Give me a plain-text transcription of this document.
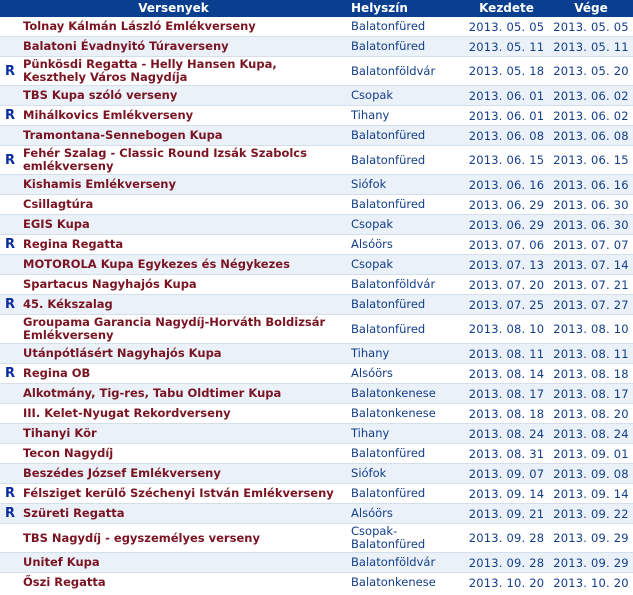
Versenyek		Helyszín	Kezdete	Vége
	Tolnay Kálmán László Emlékverseny	Balatonfüred	2013. 05. 05	2013. 05. 05

	Balatoni Évadnyitó Túraverseny	Balatonfüred	2013. 05. 11	2013. 05. 11

R	Pünkösdi Regatta - Helly Hansen Kupa, Keszthely Város Nagydíja	Balatonföldvár	2013. 05. 18	2013. 05. 20

	TBS Kupa szóló verseny	Csopak	2013. 06. 01	2013. 06. 02

R	Mihálkovics Emlékverseny	Tihany	2013. 06. 01	2013. 06. 02

	Tramontana-Sennebogen Kupa	Balatonfüred	2013. 06. 08	2013. 06. 08

R	Fehér Szalag - Classic Round Izsák Szabolcs emlékverseny	Balatonfüred	2013. 06. 15	2013. 06. 15

	Kishamis Emlékverseny	Siófok	2013. 06. 16	2013. 06. 16

	Csillagtúra	Balatonfüred	2013. 06. 29	2013. 06. 30

	EGIS Kupa	Csopak	2013. 06. 29	2013. 06. 30

R	Regina Regatta	Alsóörs	2013. 07. 06	2013. 07. 07

	MOTOROLA Kupa Egykezes és Négykezes	Csopak	2013. 07. 13	2013. 07. 14

	Spartacus Nagyhajós Kupa	Balatonföldvár	2013. 07. 20	2013. 07. 21

R	45. Kékszalag	Balatonfüred	2013. 07. 25	2013. 07. 27

	Groupama Garancia Nagydíj-Horváth Boldizsár Emlékverseny	Balatonfüred	2013. 08. 10	2013. 08. 10

	Utánpótlásért Nagyhajós Kupa	Tihany	2013. 08. 11	2013. 08. 11

R	Regina OB	Alsóörs	2013. 08. 14	2013. 08. 18

	Alkotmány, Tig-res, Tabu Oldtimer Kupa	Balatonkenese	2013. 08. 17	2013. 08. 17

	III. Kelet-Nyugat Rekordverseny	Balatonkenese	2013. 08. 18	2013. 08. 20

	Tihanyi Kör	Tihany	2013. 08. 24	2013. 08. 24

	Tecon Nagydíj	Balatonfüred	2013. 08. 31	2013. 09. 01

	Beszédes József Emlékverseny	Siófok	2013. 09. 07	2013. 09. 08

R	Félsziget kerülő Széchenyi István Emlékverseny	Balatonfüred	2013. 09. 14	2013. 09. 14

R	Szüreti Regatta	Alsóörs	2013. 09. 21	2013. 09. 22

	TBS Nagydíj - egyszemélyes verseny	Csopak-Balatonfüred	2013. 09. 28	2013. 09. 29

	Unitef Kupa	Balatonföldvár	2013. 09. 28	2013. 09. 29

	Őszi Regatta	Balatonkenese	2013. 10. 20	2013. 10. 20
